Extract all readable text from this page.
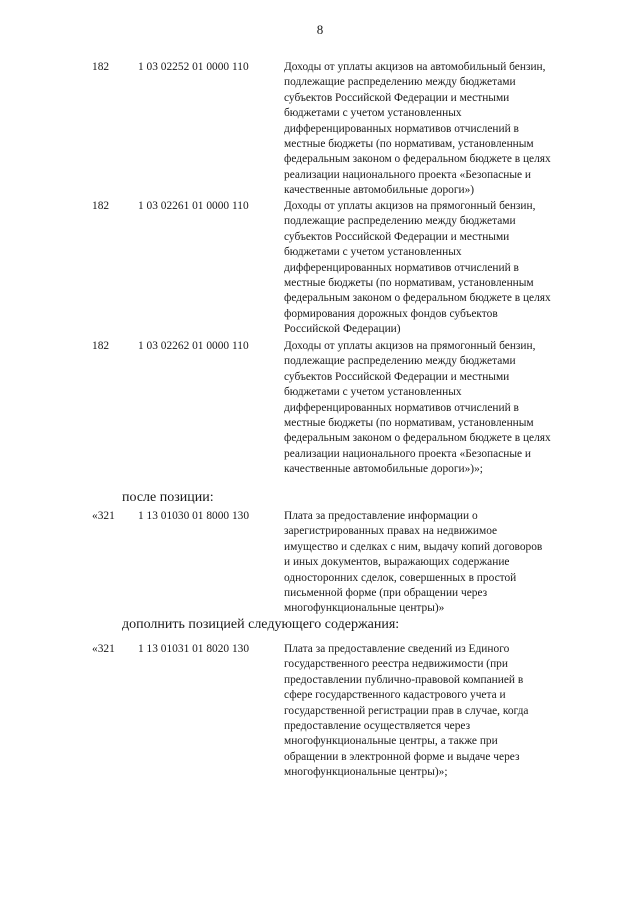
8
182	1 03 02252 01 0000 110	Доходы от уплаты акцизов на автомобильный бензин,
подлежащие распределению между бюджетами
субъектов Российской Федерации и местными
бюджетами с учетом установленных
дифференцированных нормативов отчислений в
местные бюджеты (по нормативам, установленным
федеральным законом о федеральном бюджете в целях
реализации национального проекта «Безопасные и
качественные автомобильные дороги»)
182	1 03 02261 01 0000 110	Доходы от уплаты акцизов на прямогонный бензин,
подлежащие распределению между бюджетами
субъектов Российской Федерации и местными
бюджетами с учетом установленных
дифференцированных нормативов отчислений в
местные бюджеты (по нормативам, установленным
федеральным законом о федеральном бюджете в целях
формирования дорожных фондов субъектов
Российской Федерации)
182	1 03 02262 01 0000 110	Доходы от уплаты акцизов на прямогонный бензин,
подлежащие распределению между бюджетами
субъектов Российской Федерации и местными
бюджетами с учетом установленных
дифференцированных нормативов отчислений в
местные бюджеты (по нормативам, установленным
федеральным законом о федеральном бюджете в целях
реализации национального проекта «Безопасные и
качественные автомобильные дороги»)»;
после позиции:
«321 1 13 01030 01 8000 130	Плата за предоставление информации о
зарегистрированных правах на недвижимое
имущество и сделках с ним, выдачу копий договоров
и иных документов, выражающих содержание
односторонних сделок, совершенных в простой
письменной форме (при обращении через
многофункциональные центры)»
дополнить позицией следующего содержания:
«321 1 13 01031 01 8020 130	Плата за предоставление сведений из Единого
государственного реестра недвижимости (при
предоставлении публично-правовой компанией в
сфере государственного кадастрового учета и
государственной регистрации прав в случае, когда
предоставление осуществляется через
многофункциональные центры, а также при
обращении в электронной форме и выдаче через
многофункциональные центры)»;
